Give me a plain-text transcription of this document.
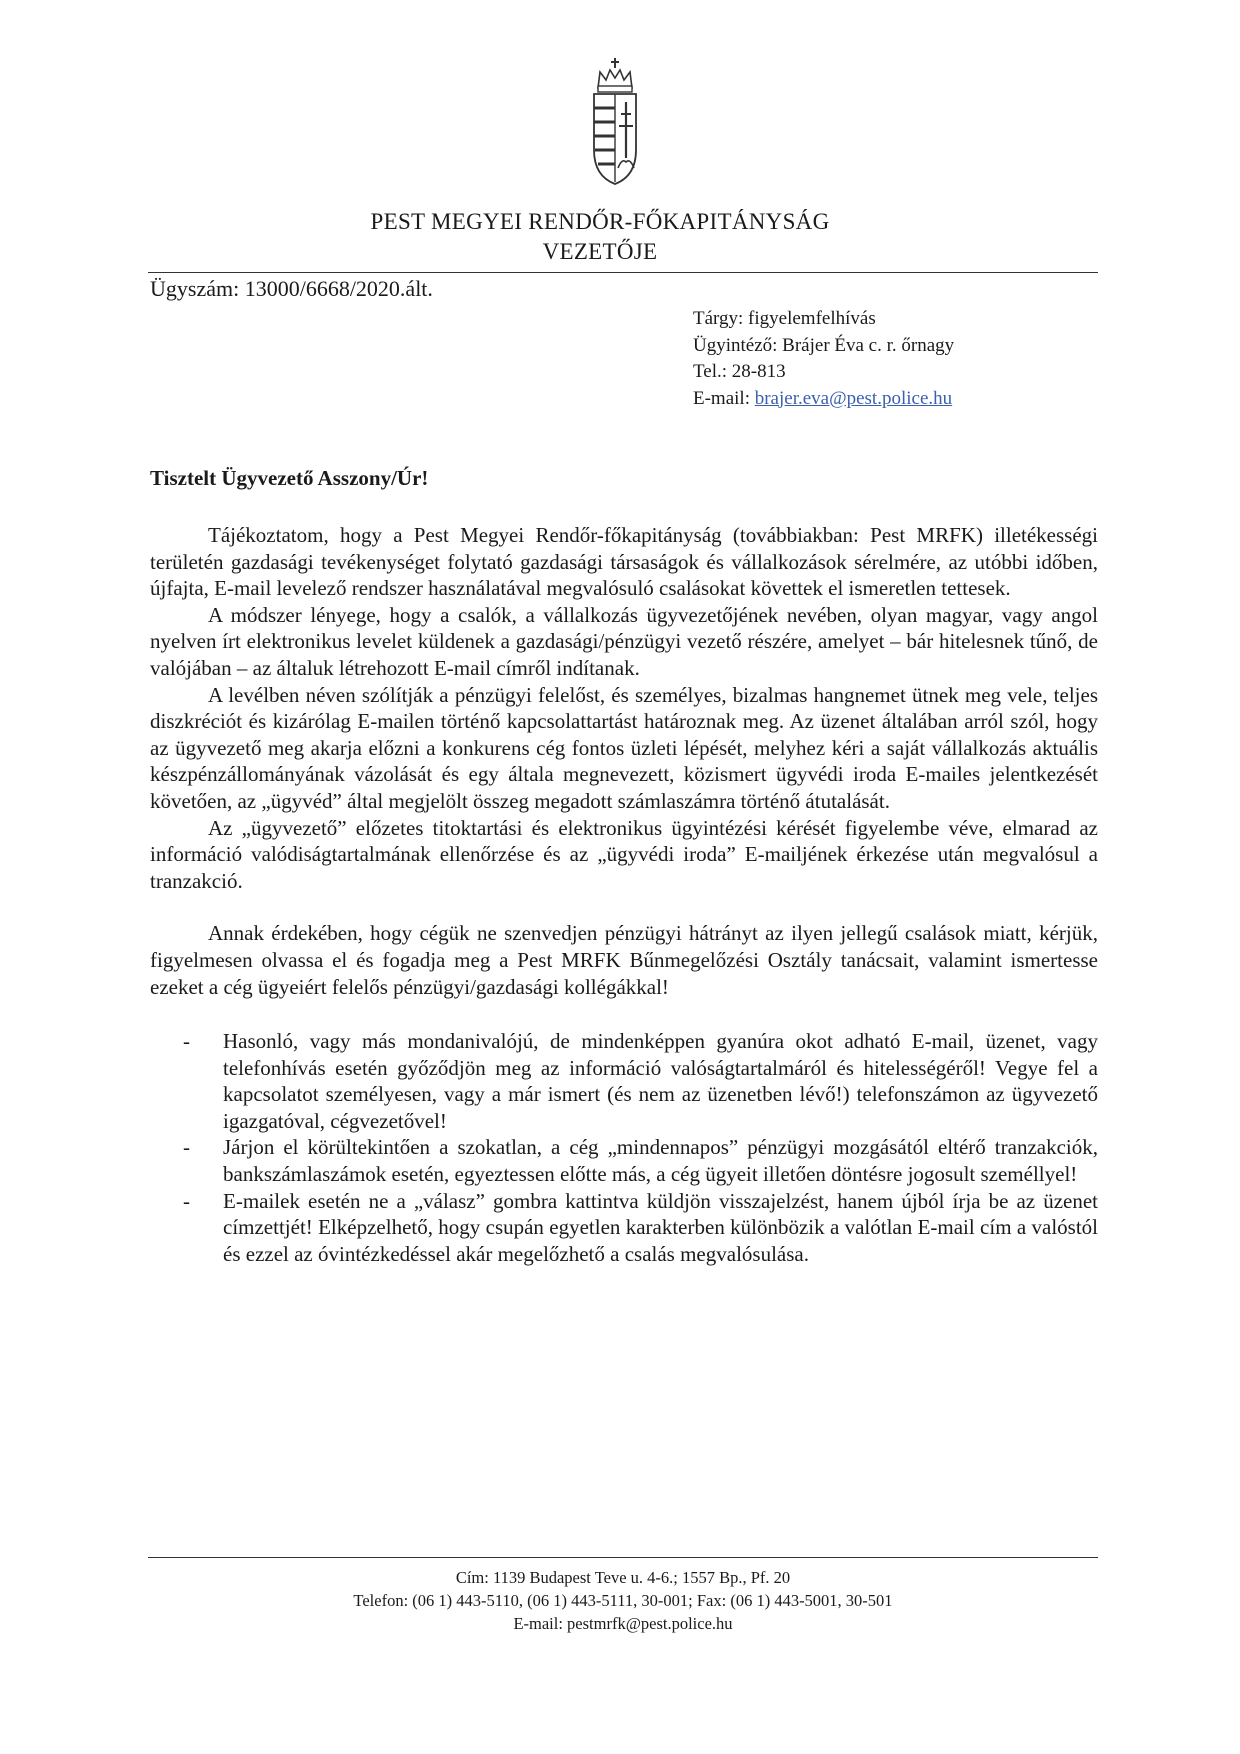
PEST MEGYEI RENDŐR-FŐKAPITÁNYSÁG
VEZETŐJE
Ügyszám: 13000/6668/2020.ált.
Tárgy: figyelemfelhívás
Ügyintéző: Brájer Éva c. r. őrnagy
Tel.: 28-813
E-mail: brajer.eva@pest.police.hu
Tisztelt Ügyvezető Asszony/Úr!

Tájékoztatom, hogy a Pest Megyei Rendőr-főkapitányság (továbbiakban: Pest MRFK) illetékességi területén gazdasági tevékenységet folytató gazdasági társaságok és vállalkozások sérelmére, az utóbbi időben, újfajta, E-mail levelező rendszer használatával megvalósuló csalásokat követtek el ismeretlen tettesek.

A módszer lényege, hogy a csalók, a vállalkozás ügyvezetőjének nevében, olyan magyar, vagy angol nyelven írt elektronikus levelet küldenek a gazdasági/pénzügyi vezető részére, amelyet – bár hitelesnek tűnő, de valójában – az általuk létrehozott E-mail címről indítanak.

A levélben néven szólítják a pénzügyi felelőst, és személyes, bizalmas hangnemet ütnek meg vele, teljes diszkréciót és kizárólag E-mailen történő kapcsolattartást határoznak meg. Az üzenet általában arról szól, hogy az ügyvezető meg akarja előzni a konkurens cég fontos üzleti lépését, melyhez kéri a saját vállalkozás aktuális készpénzállományának vázolását és egy általa megnevezett, közismert ügyvédi iroda E-mailes jelentkezését követően, az „ügyvéd” által megjelölt összeg megadott számlaszámra történő átutalását.

Az „ügyvezető” előzetes titoktartási és elektronikus ügyintézési kérését figyelembe véve, elmarad az információ valódiságtartalmának ellenőrzése és az „ügyvédi iroda” E-mailjének érkezése után megvalósul a tranzakció.

Annak érdekében, hogy cégük ne szenvedjen pénzügyi hátrányt az ilyen jellegű csalások miatt, kérjük, figyelmesen olvassa el és fogadja meg a Pest MRFK Bűnmegelőzési Osztály tanácsait, valamint ismertesse ezeket a cég ügyeiért felelős pénzügyi/gazdasági kollégákkal!

- Hasonló, vagy más mondanivalójú, de mindenképpen gyanúra okot adható E-mail, üzenet, vagy telefonhívás esetén győződjön meg az információ valóságtartalmáról és hitelességéről! Vegye fel a kapcsolatot személyesen, vagy a már ismert (és nem az üzenetben lévő!) telefonszámon az ügyvezető igazgatóval, cégvezetővel!
- Járjon el körültekintően a szokatlan, a cég „mindennapos” pénzügyi mozgásától eltérő tranzakciók, bankszámlaszámok esetén, egyeztessen előtte más, a cég ügyeit illetően döntésre jogosult személlyel!
- E-mailek esetén ne a „válasz” gombra kattintva küldjön visszajelzést, hanem újból írja be az üzenet címzettjét! Elképzelhető, hogy csupán egyetlen karakterben különbözik a valótlan E-mail cím a valóstól és ezzel az óvintézkedéssel akár megelőzhető a csalás megvalósulása.
Cím: 1139 Budapest Teve u. 4-6.; 1557 Bp., Pf. 20
Telefon: (06 1) 443-5110, (06 1) 443-5111, 30-001; Fax: (06 1) 443-5001, 30-501
E-mail: pestmrfk@pest.police.hu
